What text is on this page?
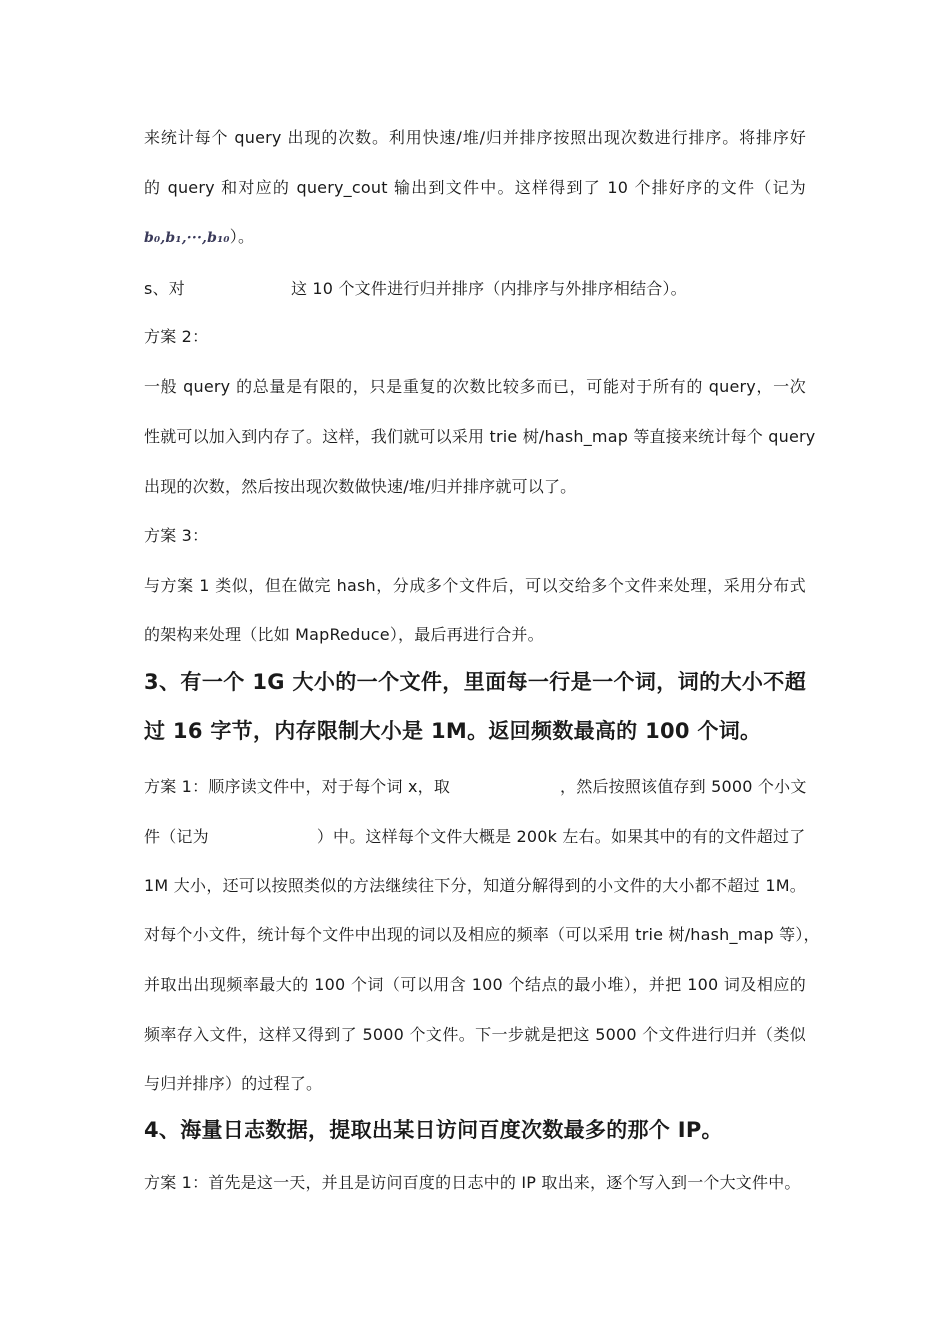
来统计每个 query 出现的次数。利用快速/堆/归并排序按照出现次数进行排序。将排序好
的 query 和对应的 query_cout 输出到文件中。这样得到了 10 个排好序的文件（记为
b₀,b₁,···,b₁₀）。
s、对	这 10 个文件进行归并排序（内排序与外排序相结合）。
方案 2：
一般 query 的总量是有限的，只是重复的次数比较多而已，可能对于所有的 query，一次
性就可以加入到内存了。这样，我们就可以采用 trie 树/hash_map 等直接来统计每个 query
出现的次数，然后按出现次数做快速/堆/归并排序就可以了。
方案 3：
与方案 1 类似，但在做完 hash，分成多个文件后，可以交给多个文件来处理，采用分布式
的架构来处理（比如 MapReduce），最后再进行合并。
3、有一个 1G 大小的一个文件，里面每一行是一个词，词的大小不超
过 16 字节，内存限制大小是 1M。返回频数最高的 100 个词。
方案 1：顺序读文件中，对于每个词 x，取	，然后按照该值存到 5000 个小文
件（记为	）中。这样每个文件大概是 200k 左右。如果其中的有的文件超过了
1M 大小，还可以按照类似的方法继续往下分，知道分解得到的小文件的大小都不超过 1M。
对每个小文件，统计每个文件中出现的词以及相应的频率（可以采用 trie 树/hash_map 等），
并取出出现频率最大的 100 个词（可以用含 100 个结点的最小堆），并把 100 词及相应的
频率存入文件，这样又得到了 5000 个文件。下一步就是把这 5000 个文件进行归并（类似
与归并排序）的过程了。
4、海量日志数据，提取出某日访问百度次数最多的那个 IP。
方案 1：首先是这一天，并且是访问百度的日志中的 IP 取出来，逐个写入到一个大文件中。
